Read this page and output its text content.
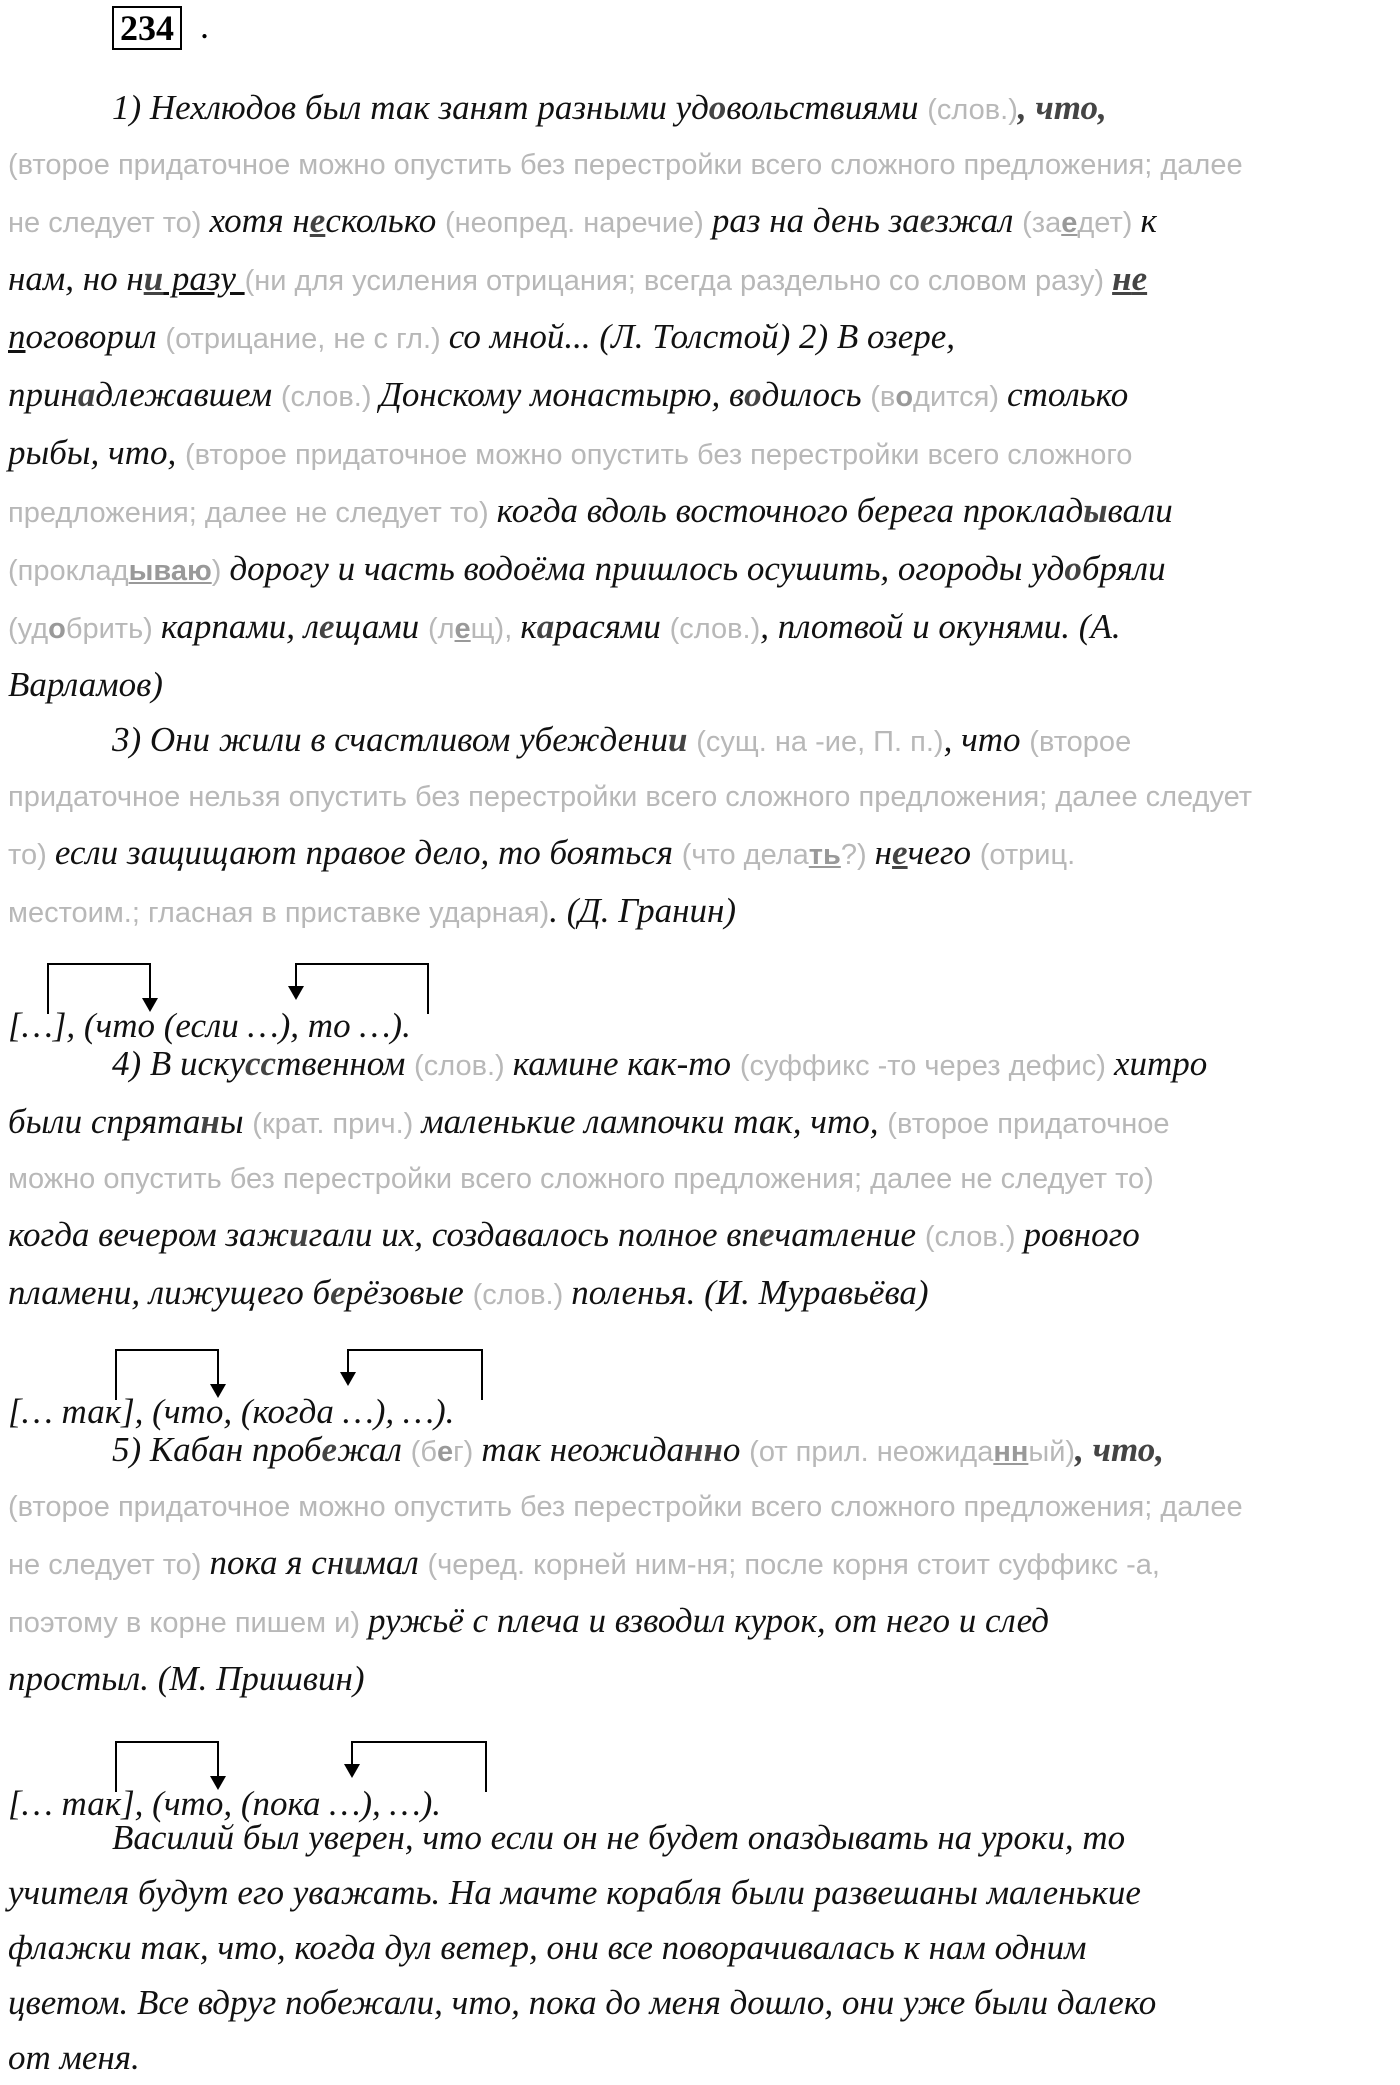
234 .
1) Нехлюдов был так занят разными удовольствиями (слов.), что,
(второе придаточное можно опустить без перестройки всего сложного предложения; далее
не следует то) хотя несколько (неопред. наречие) раз на день заезжал (заедет) к
нам, но ни разу (ни для усиления отрицания; всегда раздельно со словом разу) не
поговорил (отрицание, не с гл.) со мной... (Л. Толстой) 2) В озере,
принадлежавшем (слов.) Донскому монастырю, водилось (водится) столько
рыбы, что, (второе придаточное можно опустить без перестройки всего сложного
предложения; далее не следует то) когда вдоль восточного берега прокладывали
(прокладываю) дорогу и часть водоёма пришлось осушить, огороды удобряли
(удобрить) карпами, лещами (лещ), карасями (слов.), плотвой и окунями. (А.
Варламов)
3) Они жили в счастливом убеждении (сущ. на -ие, П. п.), что (второе
придаточное нельзя опустить без перестройки всего сложного предложения; далее следует
то) если защищают правое дело, то бояться (что делать?) нечего (отриц.
местоим.; гласная в приставке ударная). (Д. Гранин)
[…], (что (если …), то …).
4) В искусственном (слов.) камине как-то (суффикс -то через дефис) хитро
были спрятаны (крат. прич.) маленькие лампочки так, что, (второе придаточное
можно опустить без перестройки всего сложного предложения; далее не следует то)
когда вечером зажигали их, создавалось полное впечатление (слов.) ровного
пламени, лижущего берёзовые (слов.) поленья. (И. Муравьёва)
[… так], (что, (когда …), …).
5) Кабан пробежал (бег) так неожиданно (от прил. неожиданный), что,
(второе придаточное можно опустить без перестройки всего сложного предложения; далее
не следует то) пока я снимал (черед. корней ним-ня; после корня стоит суффикс -а,
поэтому в корне пишем и) ружьё с плеча и взводил курок, от него и след
простыл. (М. Пришвин)
[… так], (что, (пока …), …).
Василий был уверен, что если он не будет опаздывать на уроки, то
учителя будут его уважать. На мачте корабля были развешаны маленькие
флажки так, что, когда дул ветер, они все поворачивалась к нам одним
цветом. Все вдруг побежали, что, пока до меня дошло, они уже были далеко
от меня.
